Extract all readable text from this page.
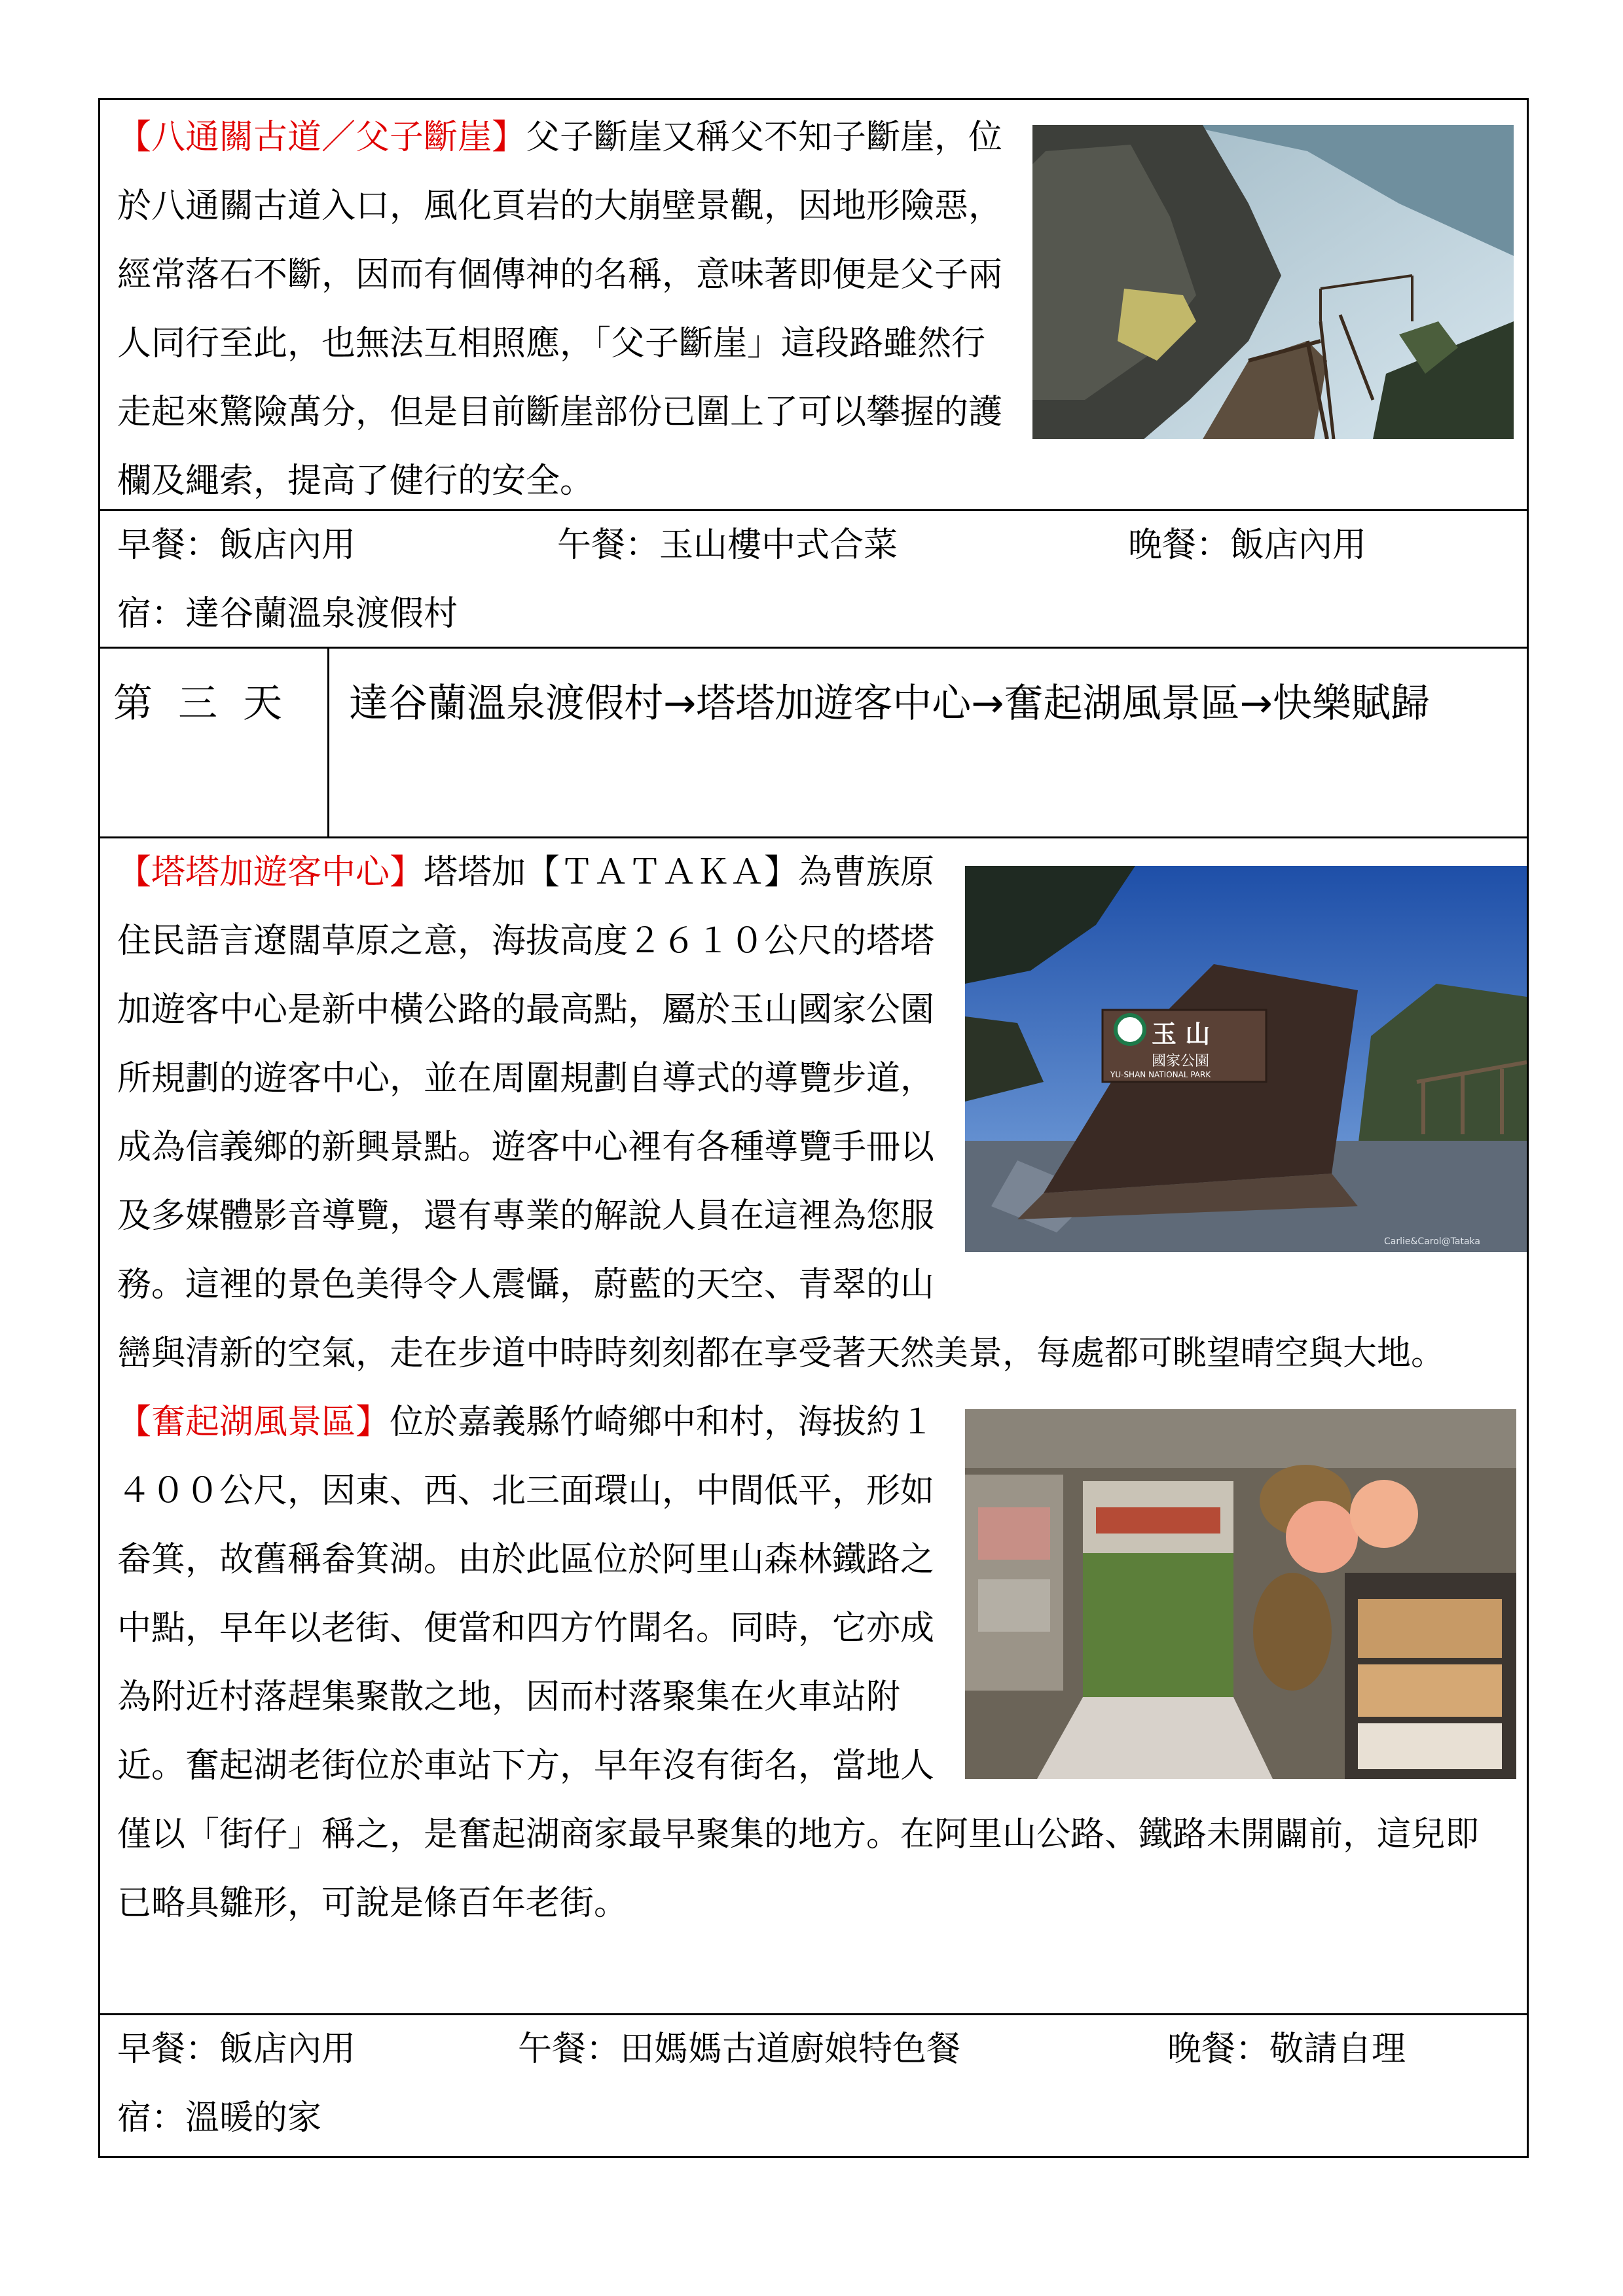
【八通關古道／父子斷崖】父子斷崖又稱父不知子斷崖，位於八通關古道入口，風化頁岩的大崩壁景觀，因地形險惡，經常落石不斷，因而有個傳神的名稱，意味著即便是父子兩人同行至此，也無法互相照應，「父子斷崖」這段路雖然行走起來驚險萬分，但是目前斷崖部份已圍上了可以攀握的護欄及繩索，提高了健行的安全。

早餐：飯店內用	午餐：玉山樓中式合菜	晚餐：飯店內用
宿：達谷蘭溫泉渡假村
第 三 天	達谷蘭溫泉渡假村→塔塔加遊客中心→奮起湖風景區→快樂賦歸
玉 山
國家公園
YU-SHAN NATIONAL PARK
Carlie&Carol@Tataka

【塔塔加遊客中心】塔塔加【ＴＡＴＡＫＡ】為曹族原住民語言遼闊草原之意，海拔高度２６１０公尺的塔塔加遊客中心是新中橫公路的最高點，屬於玉山國家公園所規劃的遊客中心，並在周圍規劃自導式的導覽步道，成為信義鄉的新興景點。遊客中心裡有各種導覽手冊以及多媒體影音導覽，還有專業的解說人員在這裡為您服務。這裡的景色美得令人震懾，蔚藍的天空、青翠的山巒與清新的空氣，走在步道中時時刻刻都在享受著天然美景，每處都可眺望晴空與大地。

【奮起湖風景區】位於嘉義縣竹崎鄉中和村，海拔約１４００公尺，因東、西、北三面環山，中間低平，形如畚箕，故舊稱畚箕湖。由於此區位於阿里山森林鐵路之中點，早年以老街、便當和四方竹聞名。同時，它亦成為附近村落趕集聚散之地，因而村落聚集在火車站附近。奮起湖老街位於車站下方，早年沒有街名，當地人僅以「街仔」稱之，是奮起湖商家最早聚集的地方。在阿里山公路、鐵路未開闢前，這兒即已略具雛形，可說是條百年老街。

早餐：飯店內用	午餐：田媽媽古道廚娘特色餐	晚餐：敬請自理
宿：溫暖的家
